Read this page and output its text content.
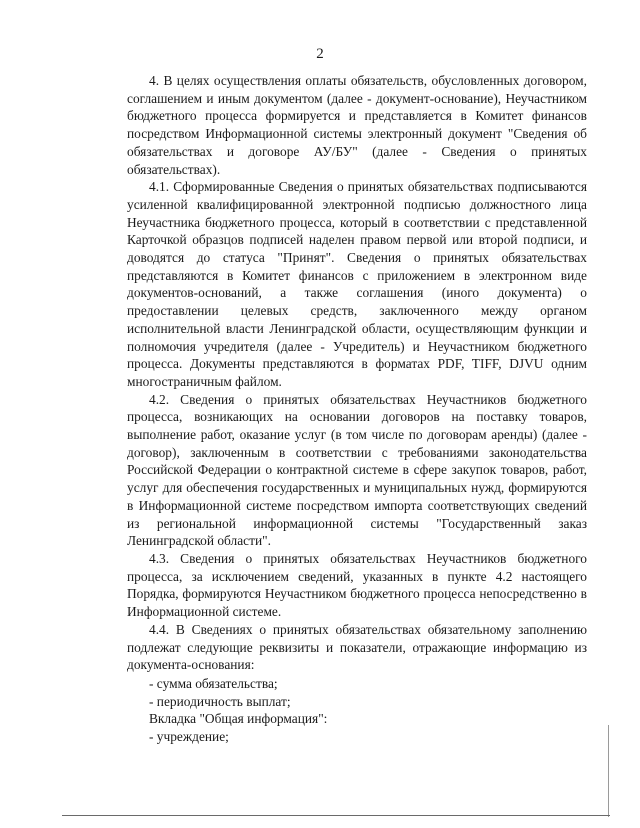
2

4. В целях осуществления оплаты обязательств, обусловленных договором, соглашением и иным документом (далее - документ-основание), Неучастником бюджетного процесса формируется и представляется в Комитет финансов посредством Информационной системы электронный документ "Сведения об обязательствах и договоре АУ/БУ" (далее - Сведения о принятых обязательствах).

4.1. Сформированные Сведения о принятых обязательствах подписываются усиленной квалифицированной электронной подписью должностного лица Неучастника бюджетного процесса, который в соответствии с представленной Карточкой образцов подписей наделен правом первой или второй подписи, и доводятся до статуса "Принят". Сведения о принятых обязательствах представляются в Комитет финансов с приложением в электронном виде документов-оснований, а также соглашения (иного документа) о предоставлении целевых средств, заключенного между органом исполнительной власти Ленинградской области, осуществляющим функции и полномочия учредителя (далее - Учредитель) и Неучастником бюджетного процесса. Документы представляются в форматах PDF, TIFF, DJVU одним многостраничным файлом.

4.2. Сведения о принятых обязательствах Неучастников бюджетного процесса, возникающих на основании договоров на поставку товаров, выполнение работ, оказание услуг (в том числе по договорам аренды) (далее - договор), заключенным в соответствии с требованиями законодательства Российской Федерации о контрактной системе в сфере закупок товаров, работ, услуг для обеспечения государственных и муниципальных нужд, формируются в Информационной системе посредством импорта соответствующих сведений из региональной информационной системы "Государственный заказ Ленинградской области".

4.3. Сведения о принятых обязательствах Неучастников бюджетного процесса, за исключением сведений, указанных в пункте 4.2 настоящего Порядка, формируются Неучастником бюджетного процесса непосредственно в Информационной системе.

4.4. В Сведениях о принятых обязательствах обязательному заполнению подлежат следующие реквизиты и показатели, отражающие информацию из документа-основания:

- сумма обязательства;

- периодичность выплат;

Вкладка "Общая информация":

- учреждение;
